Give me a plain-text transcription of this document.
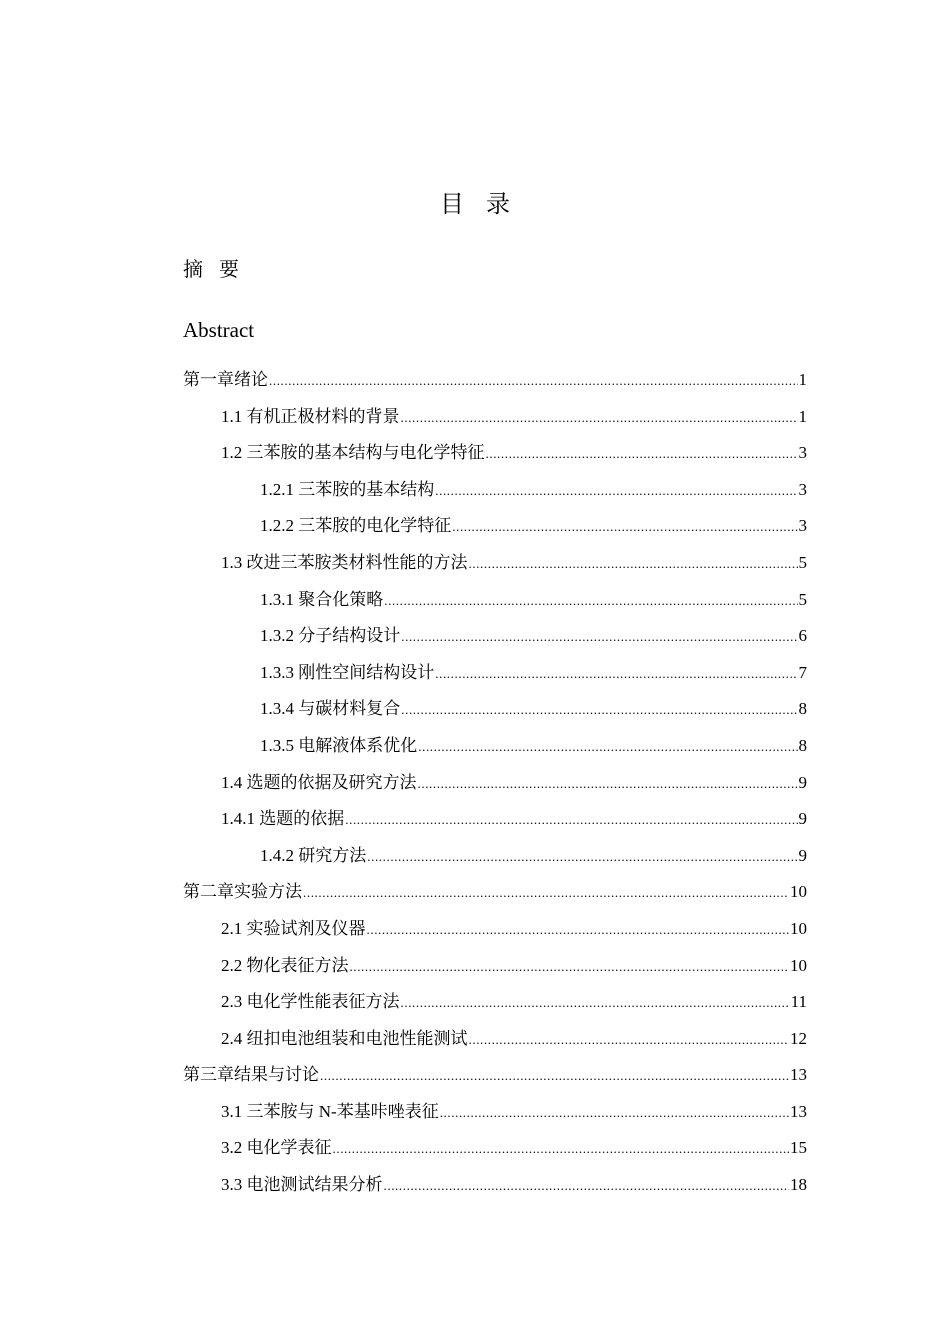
目录
摘要
Abstract
第一章绪论 .....	1
1.1 有机正极材料的背景 .....	1
1.2 三苯胺的基本结构与电化学特征 .....	3
1.2.1 三苯胺的基本结构 .....	3
1.2.2 三苯胺的电化学特征 .....	3
1.3 改进三苯胺类材料性能的方法 .....	5
1.3.1 聚合化策略 .....	5
1.3.2 分子结构设计 .....	6
1.3.3 刚性空间结构设计 .....	7
1.3.4 与碳材料复合 .....	8
1.3.5 电解液体系优化 .....	8
1.4 选题的依据及研究方法 .....	9
1.4.1 选题的依据 .....	9
1.4.2 研究方法 .....	9
第二章实验方法 .....	10
2.1 实验试剂及仪器 .....	10
2.2 物化表征方法 .....	10
2.3 电化学性能表征方法 .....	11
2.4 纽扣电池组装和电池性能测试 .....	12
第三章结果与讨论 .....	13
3.1 三苯胺与 N-苯基咔唑表征 .....	13
3.2 电化学表征 .....	15
3.3 电池测试结果分析 .....	18
